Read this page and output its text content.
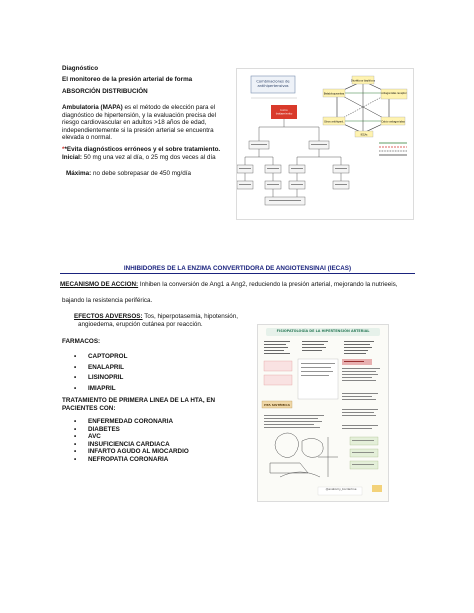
Diagnóstico
El monitoreo de la presión arterial de forma
ABSORCIÓN DISTRIBUCIÓN
Ambulatoria (MAPA) es el método de elección para el
diagnóstico de hipertensión, y la evaluación precisa del
riesgo cardiovascular en adultos >18 años de edad,
independientemente si la presión arterial se encuentra
elevada o normal.
**Evita diagnósticos erróneos y el sobre tratamiento.
Inicial: 50 mg una vez al día, o 25 mg dos veces al día
Máxima: no debe sobrepasar de 450 mg/día
Combinaciones de antihipertensivos
Diuréticos tiazídicos
Betabloqueantes	Antagonistas receptor
Otros antihipert.	Calcio antagonistas
IECAs
Inicio tratamiento
INHIBIDORES DE LA ENZIMA CONVERTIDORA DE ANGIOTENSINAI (IECAS)
MECANISMO DE ACCION: Inhiben la conversión de Ang1 a Ang2, reduciendo la presión arterial, mejorando la nutrieeis,
bajando la resistencia periférica.
EFECTOS ADVERSOS: Tos, hiperpotasemia, hipotensión,
angioedema, erupción cutánea por reacción.
FARMACOS:
• CAPTOPROL
• ENALAPRIL
• LISINOPRIL
• IMIAPRIL
TRATAMIENTO DE PRIMERA LINEA DE LA HTA, EN
PACIENTES CON:
• ENFERMEDAD CORONARIA
• DIABETES
• AVC
• INSUFICIENCIA CARDIACA
• INFARTO AGUDO AL MIOCARDIO
• NEFROPATIA CORONARIA
FISIOPATOLOGÍA DE LA HIPERTENSIÓN ARTERIAL
HTA SISTÉMICA
@anatomy_borderline
